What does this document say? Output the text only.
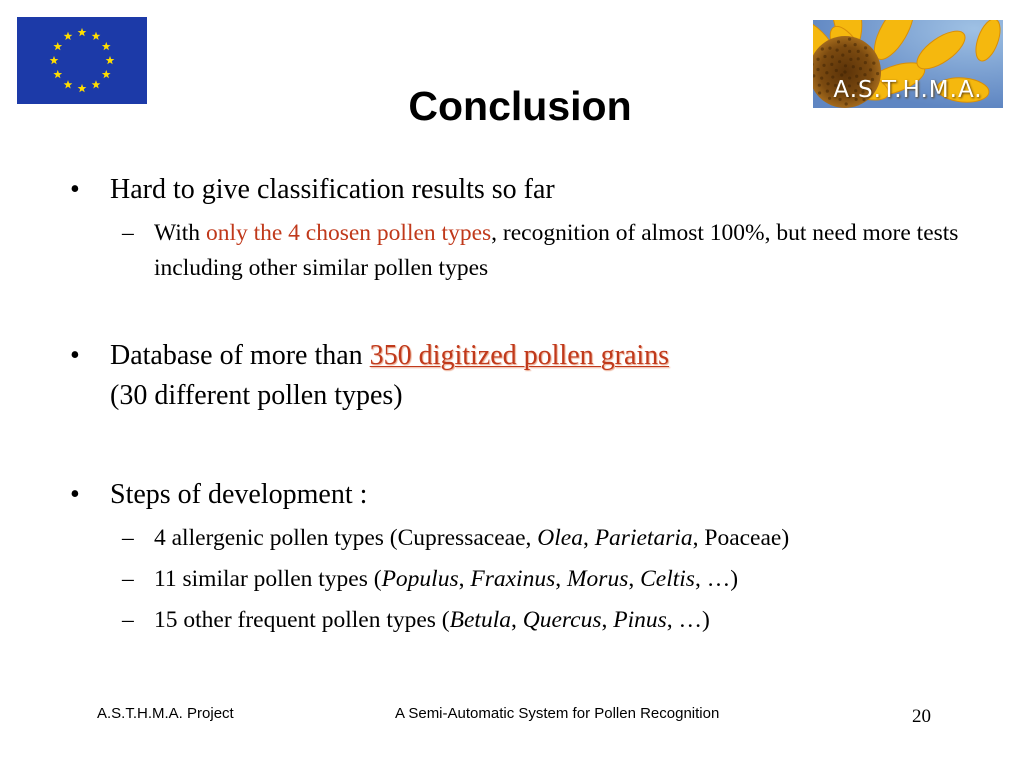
A.S.T.H.M.A.
Conclusion
• Hard to give classification results so far
– With only the 4 chosen pollen types, recognition of almost 100%, but need more tests including other similar pollen types
• Database of more than 350 digitized pollen grains
(30 different pollen types)
• Steps of development :
– 4 allergenic pollen types (Cupressaceae, Olea, Parietaria, Poaceae)
– 11 similar pollen types (Populus, Fraxinus, Morus, Celtis, …)
– 15 other frequent pollen types (Betula, Quercus, Pinus, …)
A.S.T.H.M.A. Project	A Semi-Automatic System for Pollen Recognition	20
